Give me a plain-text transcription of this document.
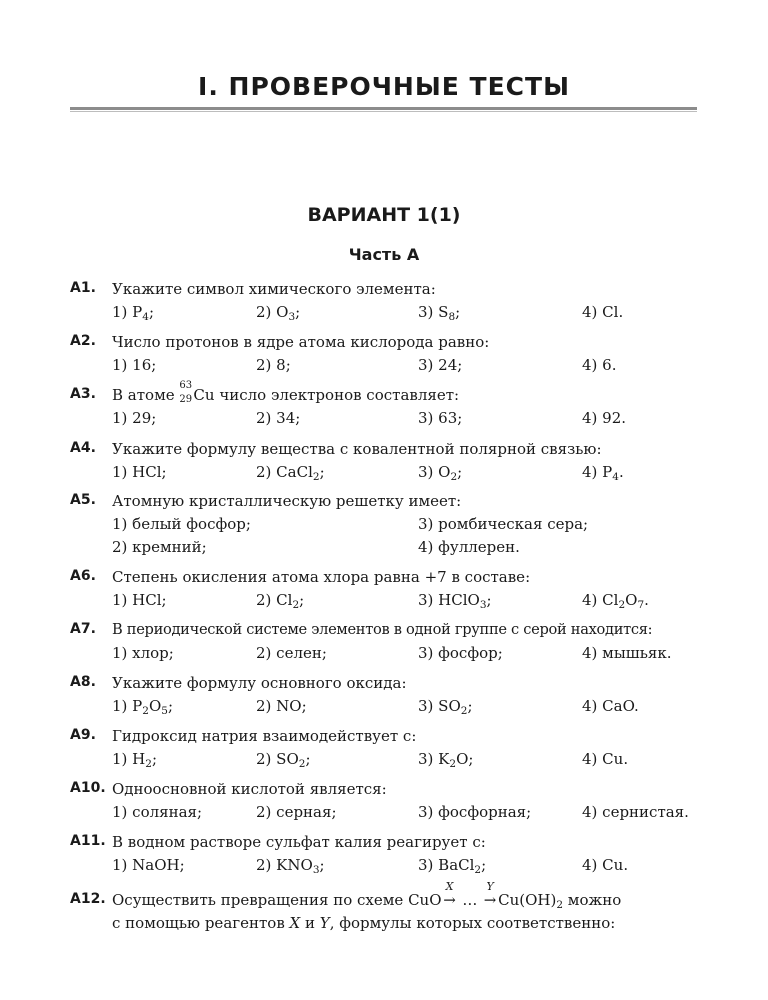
I. ПРОВЕРОЧНЫЕ ТЕСТЫ
ВАРИАНТ 1(1)
Часть А
А1.	Укажите символ химического элемента:
1) $P_4$;	2) $O_3$;	3) $S_8$;	4) Cl.
А2.	Число протонов в ядре атома кислорода равно:
1) 16;	2) 8;	3) 24;	4) 6.
А3.	В атоме
63
29 Cu число электронов составляет:
1) 29;	2) 34;	3) 63;	4) 92.
А4.	Укажите формулу вещества с ковалентной полярной связью:
1) HCl;	2) CaCl$_2$;	3) $O_2$;	4) $P_4$.
А5.	Атомную кристаллическую решетку имеет:
1) белый фосфор;	3) ромбическая сера;
2) кремний;	4) фуллерен.
А6.	Степень окисления атома хлора равна +7 в составе:
1) HCl;	2) $Cl_2$;	3) HClO$_3$;	4) $Cl_2O_7$.
А7.	В периодической системе элементов в одной группе с серой находится:
1) хлор;	2) селен;	3) фосфор;	4) мышьяк.
А8.	Укажите формулу основного оксида:
1) $P_2O_5$;	2) NO;	3) $SO_2$;	4) CaO.
А9.	Гидроксид натрия взаимодействует с:
1) $H_2$;	2) $SO_2$;	3) $K_2O$;	4) Cu.
А10. Одноосновной кислотой является:
1) соляная;	2) серная;	3) фосфорная;	4) сернистая.
А11. В водном растворе сульфат калия реагирует с:
1) NaOH;	2) $KNO_3$;	3) BaCl$_2$;	4) Cu.
А12. Осуществить превращения по схеме CuO
X
→ …
Y
→ $Cu(OH)_2$ можно
с помощью реагентов X и Y, формулы которых соответственно:
